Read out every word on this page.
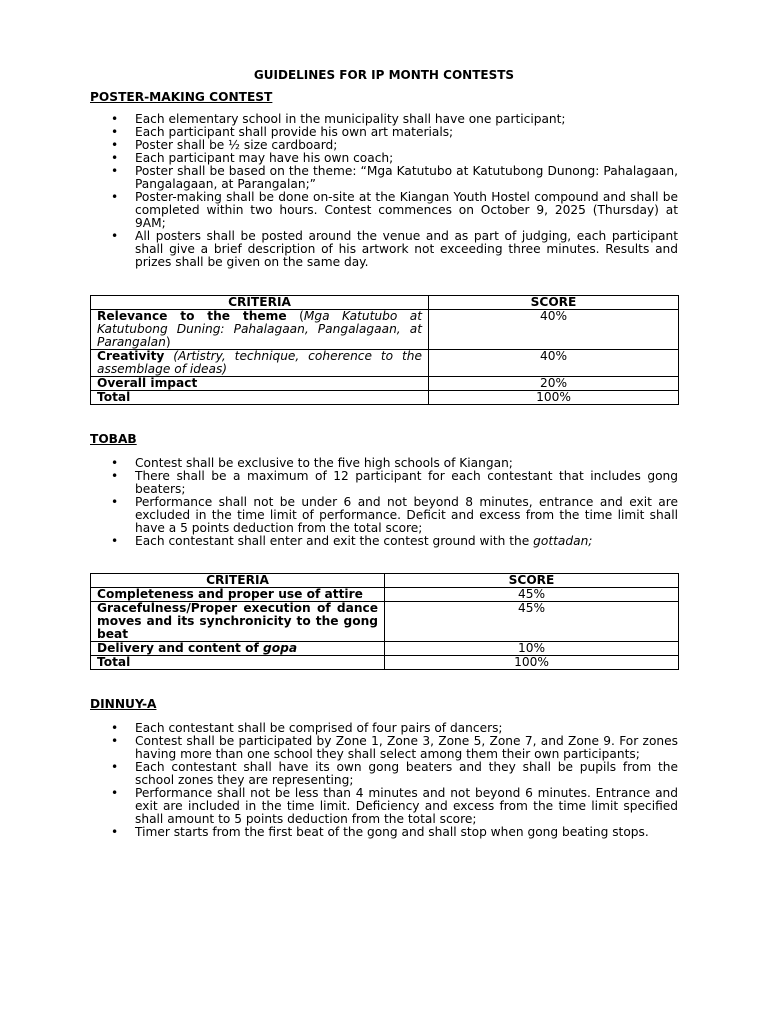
GUIDELINES FOR IP MONTH CONTESTS
POSTER-MAKING CONTEST
• Each elementary school in the municipality shall have one participant;
• Each participant shall provide his own art materials;
• Poster shall be ½ size cardboard;
• Each participant may have his own coach;
• Poster shall be based on the theme: “Mga Katutubo at Katutubong Dunong: Pahalagaan, Pangalagaan, at Parangalan;”
• Poster-making shall be done on-site at the Kiangan Youth Hostel compound and shall be completed within two hours. Contest commences on October 9, 2025 (Thursday) at 9AM;
• All posters shall be posted around the venue and as part of judging, each participant shall give a brief description of his artwork not exceeding three minutes. Results and prizes shall be given on the same day.
CRITERIA	SCORE
Relevance to the theme (Mga Katutubo at Katutubong Duning: Pahalagaan, Pangalagaan, at Parangalan)	40%
Creativity (Artistry, technique, coherence to the assemblage of ideas)	40%
Overall impact	20%
Total	100%
TOBAB
• Contest shall be exclusive to the five high schools of Kiangan;
• There shall be a maximum of 12 participant for each contestant that includes gong beaters;
• Performance shall not be under 6 and not beyond 8 minutes, entrance and exit are excluded in the time limit of performance. Deficit and excess from the time limit shall have a 5 points deduction from the total score;
• Each contestant shall enter and exit the contest ground with the gottadan;
CRITERIA	SCORE
Completeness and proper use of attire	45%
Gracefulness/Proper execution of dance moves and its synchronicity to the gong beat	45%
Delivery and content of gopa	10%
Total	100%
DINNUY-A
• Each contestant shall be comprised of four pairs of dancers;
• Contest shall be participated by Zone 1, Zone 3, Zone 5, Zone 7, and Zone 9. For zones having more than one school they shall select among them their own participants;
• Each contestant shall have its own gong beaters and they shall be pupils from the school zones they are representing;
• Performance shall not be less than 4 minutes and not beyond 6 minutes. Entrance and exit are included in the time limit. Deficiency and excess from the time limit specified shall amount to 5 points deduction from the total score;
• Timer starts from the first beat of the gong and shall stop when gong beating stops.
